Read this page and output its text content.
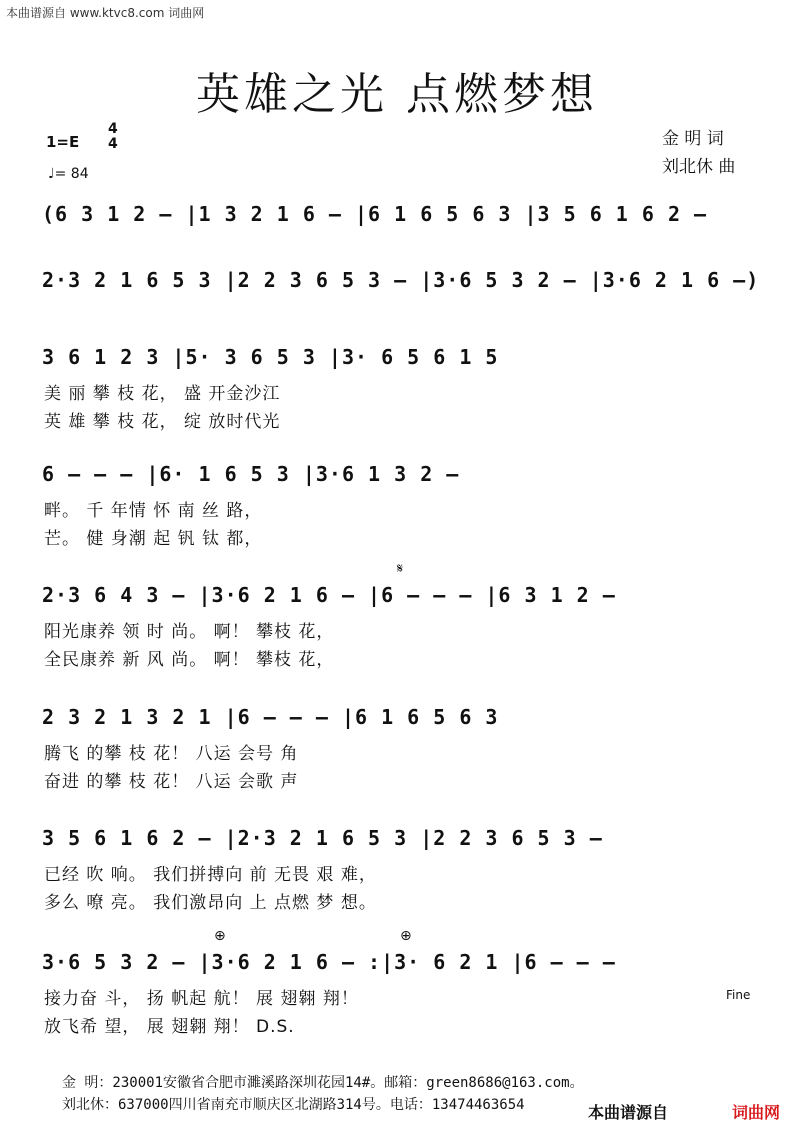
本曲谱源自 www.ktvc8.com 词曲网
英雄之光 点燃梦想
1=E
4
4
♩= 84
金 明 词
刘北休 曲
(6 3 1 2 – |1 3 2 1 6 – |6 1 6 5 6 3 |3 5 6 1 6 2 –
2·3 2 1 6 5 3 |2 2 3 6 5 3 – |3·6 5 3 2 – |3·6 2 1 6 –)
3 6 1 2 3 |5· 3 6 5 3 |3· 6 5 6 1 5
美 丽 攀 枝 花， 盛 开金沙江
英 雄 攀 枝 花， 绽 放时代光
6 – – – |6· 1 6 5 3 |3·6 1 3 2 –
畔。 千 年情 怀 南 丝 路，
芒。 健 身潮 起 钒 钛 都，
𝄋
2·3 6 4 3 – |3·6 2 1 6 – |6 – – – |6 3 1 2 –
阳光康养 领 时 尚。 啊！ 攀枝 花，
全民康养 新 风 尚。 啊！ 攀枝 花，
2 3 2 1 3 2 1 |6 – – – |6 1 6 5 6 3
腾飞 的攀 枝 花！ 八运 会号 角
奋进 的攀 枝 花！ 八运 会歌 声
3 5 6 1 6 2 – |2·3 2 1 6 5 3 |2 2 3 6 5 3 –
已经 吹 响。 我们拼搏向 前 无畏 艰 难，
多么 嘹 亮。 我们激昂向 上 点燃 梦 想。
⊕	⊕
3·6 5 3 2 – |3·6 2 1 6 – :|3· 6 2 1 |6 – – –
接力奋 斗， 扬 帆起 航！ 展 翅翱 翔！
放飞希 望， 展 翅翱 翔！ D.S.
Fine
金 明：230001安徽省合肥市濉溪路深圳花园14#。邮箱：green8686@163.com。
刘北休：637000四川省南充市顺庆区北湖路314号。电话：13474463654	本曲谱源自	词曲网
